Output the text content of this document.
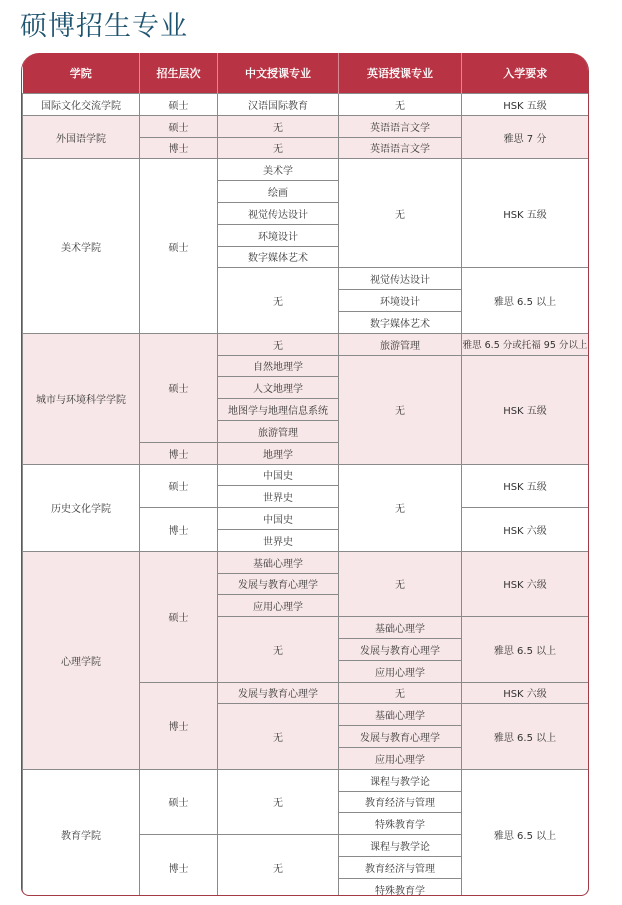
硕博招生专业
学院	招生层次	中文授课专业	英语授课专业	入学要求
国际文化交流学院	硕士	汉语国际教育	无	HSK 五级
外国语学院	硕士	无	英语语言文学	雅思 7 分
	博士	无	英语语言文学	
美术学院	硕士	美术学	无	HSK 五级
		绘画		
		视觉传达设计		
		环境设计		
		数字媒体艺术		
		无	视觉传达设计	雅思 6.5 以上
			环境设计	
			数字媒体艺术	
城市与环境科学学院	硕士	无	旅游管理	雅思 6.5 分或托福 95 分以上
		自然地理学	无	HSK 五级
		人文地理学		
		地图学与地理信息系统		
		旅游管理		
	博士	地理学		
历史文化学院	硕士	中国史	无	HSK 五级
		世界史		
	博士	中国史		HSK 六级
		世界史		
心理学院	硕士	基础心理学	无	HSK 六级
		发展与教育心理学		
		应用心理学		
		无	基础心理学	雅思 6.5 以上
			发展与教育心理学	
			应用心理学	
	博士	发展与教育心理学	无	HSK 六级
		无	基础心理学	雅思 6.5 以上
			发展与教育心理学	
			应用心理学	
教育学院	硕士	无	课程与教学论	雅思 6.5 以上
			教育经济与管理	
			特殊教育学	
	博士	无	课程与教学论	
			教育经济与管理	
			特殊教育学	
